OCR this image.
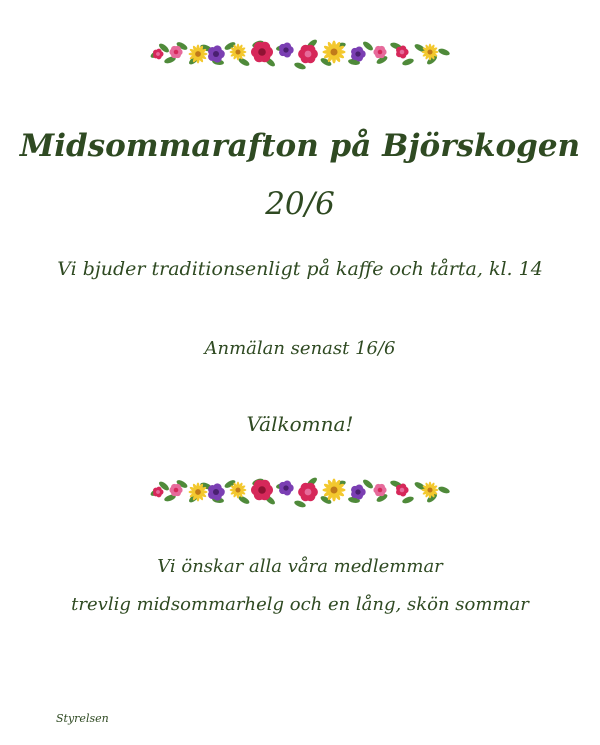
Midsommarafton på Björskogen
20/6
Vi bjuder traditionsenligt på kaffe och tårta, kl. 14
Anmälan senast 16/6
Välkomna!
Vi önskar alla våra medlemmar
trevlig midsommarhelg och en lång, skön sommar
Styrelsen
